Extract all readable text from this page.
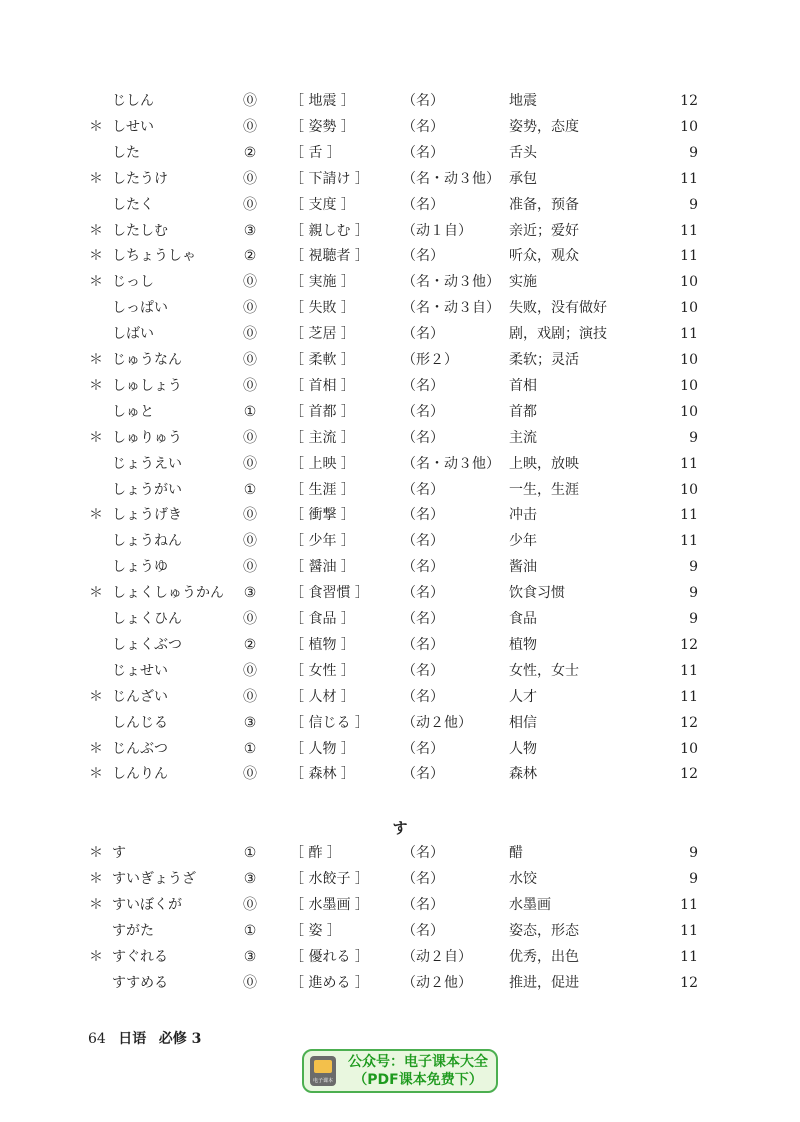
じしん	⓪ ［ 地震 ］	（名）	地震	12
＊ しせい	⓪ ［ 姿勢 ］	（名）	姿势，态度	10
した	② ［ 舌 ］	（名）	舌头	9
＊ したうけ	⓪ ［ 下請け ］ （名・动３他） 承包	11
したく	⓪ ［ 支度 ］	（名）	准备，预备	9
＊ したしむ	③ ［ 親しむ ］ （动１自）	亲近；爱好	11
＊ しちょうしゃ	② ［ 視聴者 ］ （名）	听众，观众	11
＊ じっし	⓪ ［ 実施 ］	（名・动３他） 实施	10
しっぱい	⓪ ［ 失敗 ］	（名・动３自） 失败，没有做好	10
しばい	⓪ ［ 芝居 ］	（名）	剧，戏剧；演技	11
＊ じゅうなん	⓪ ［ 柔軟 ］	（形２）	柔软；灵活	10
＊ しゅしょう	⓪ ［ 首相 ］	（名）	首相	10
しゅと	① ［ 首都 ］	（名）	首都	10
＊ しゅりゅう	⓪ ［ 主流 ］	（名）	主流	9
じょうえい	⓪ ［ 上映 ］	（名・动３他） 上映，放映	11
しょうがい	① ［ 生涯 ］	（名）	一生，生涯	10
＊ しょうげき	⓪ ［ 衝撃 ］	（名）	冲击	11
しょうねん	⓪ ［ 少年 ］	（名）	少年	11
しょうゆ	⓪ ［ 醤油 ］	（名）	酱油	9
＊ しょくしゅうかん ③ ［ 食習慣 ］ （名）	饮食习惯	9
しょくひん	⓪ ［ 食品 ］	（名）	食品	9
しょくぶつ	② ［ 植物 ］	（名）	植物	12
じょせい	⓪ ［ 女性 ］	（名）	女性，女士	11
＊ じんざい	⓪ ［ 人材 ］	（名）	人才	11
しんじる	③ ［ 信じる ］ （动２他）	相信	12
＊ じんぶつ	① ［ 人物 ］	（名）	人物	10
＊ しんりん	⓪ ［ 森林 ］	（名）	森林	12
す
＊ す	① ［ 酢 ］	（名）	醋	9
＊ すいぎょうざ	③ ［ 水餃子 ］ （名）	水饺	9
＊ すいぼくが	⓪ ［ 水墨画 ］ （名）	水墨画	11
すがた	① ［ 姿 ］	（名）	姿态，形态	11
＊ すぐれる	③ ［ 優れる ］ （动２自）	优秀，出色	11
すすめる	⓪ ［ 進める ］ （动２他）	推进，促进	12
64 日语 必修 3
电子课本
公众号：电子课本大全
（PDF课本免费下）
